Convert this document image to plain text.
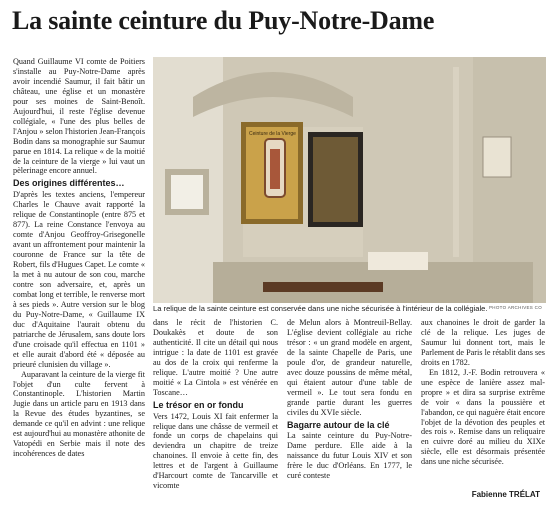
La sainte ceinture du Puy-Notre-Dame

Quand Guillaume VI comte de Poitiers s'installe au Puy-Notre-Dame après avoir incendié Saumur, il fait bâtir un château, une église et un monastère pour ses moines de Saint-Benoît. Aujourd'hui, il reste l'église devenue collégiale, « l'une des plus belles de l'Anjou » selon l'historien Jean-François Bodin dans sa monographie sur Saumur parue en 1814. La relique « de la moitié de la ceinture de la vierge » lui vaut un pèlerinage encore annuel.

Des origines différentes…

D'après les textes anciens, l'empereur Charles le Chauve avait rapporté la relique de Constantinople (entre 875 et 877). La reine Constance l'envoya au comte d'Anjou Geoffroy-Grisegonelle avant un affrontement pour maintenir la couronne de France sur la tête de Robert, fils d'Hugues Capet. Le comte « la met à nu autour de son cou, marche contre son adversaire, et, après un combat long et terrible, le renverse mort à ses pieds ». Autre version sur le blog du Puy-Notre-Dame, « Guillaume IX duc d'Aquitaine l'aurait obtenu du patriarche de Jérusalem, sans doute lors d'une croisade qu'il effectua en 1101 » et elle aurait d'abord été « déposée au prieuré clunisien du village ».

Auparavant la ceinture de la vierge fit l'objet d'un culte fervent à Constantinople. L'historien Martin Jugie dans un article paru en 1913 dans la Revue des études byzantines, se demande ce qu'il en advint : une relique est aujourd'hui au monastère athonite de Vatopédi en Serbie mais il note des incohérences de dates

Ceinture de la Vierge
La relique de la sainte ceinture est conservée dans une niche sécurisée à l'intérieur de la collégiale. PHOTO ARCHIVES CO

dans le récit de l'historien C. Doukakès et doute de son authenticité. Il cite un détail qui nous intrigue : la date de 1101 est gravée au dos de la croix qui renferme la relique. L'autre moitié ? Une autre moitié « La Cintola » est vénérée en Toscane…

Le trésor en or fondu

Vers 1472, Louis XI fait enfermer la relique dans une châsse de vermeil et fonde un corps de chapelains qui deviendra un chapitre de treize chanoines. Il envoie à cette fin, des lettres et de l'argent à Guillaume d'Harcourt comte de Tancarville et vicomte

de Melun alors à Montreuil-Bellay. L'église devient collégiale au riche trésor : « un grand modèle en argent, de la sainte Chapelle de Paris, une poule d'or, de grandeur naturelle, avec douze poussins de même métal, qui étaient autour d'une table de vermeil ». Le tout sera fondu en grande partie durant les guerres civiles du XVIe siècle.

Bagarre autour de la clé

La sainte ceinture du Puy-Notre-Dame perdure. Elle aide à la naissance du futur Louis XIV et son frère le duc d'Orléans. En 1777, le curé conteste

aux chanoines le droit de garder la clé de la relique. Les juges de Saumur lui donnent tort, mais le Parlement de Paris le rétablit dans ses droits en 1782.

En 1812, J.-F. Bodin retrouvera « une espèce de lanière assez mal-propre » et dira sa surprise extrême de voir « dans la poussière et l'abandon, ce qui naguère était encore l'objet de la dévotion des peuples et des rois ». Remise dans un reliquaire en cuivre doré au milieu du XIXe siècle, elle est désormais présentée dans une niche sécurisée.

Fabienne TRÉLAT
